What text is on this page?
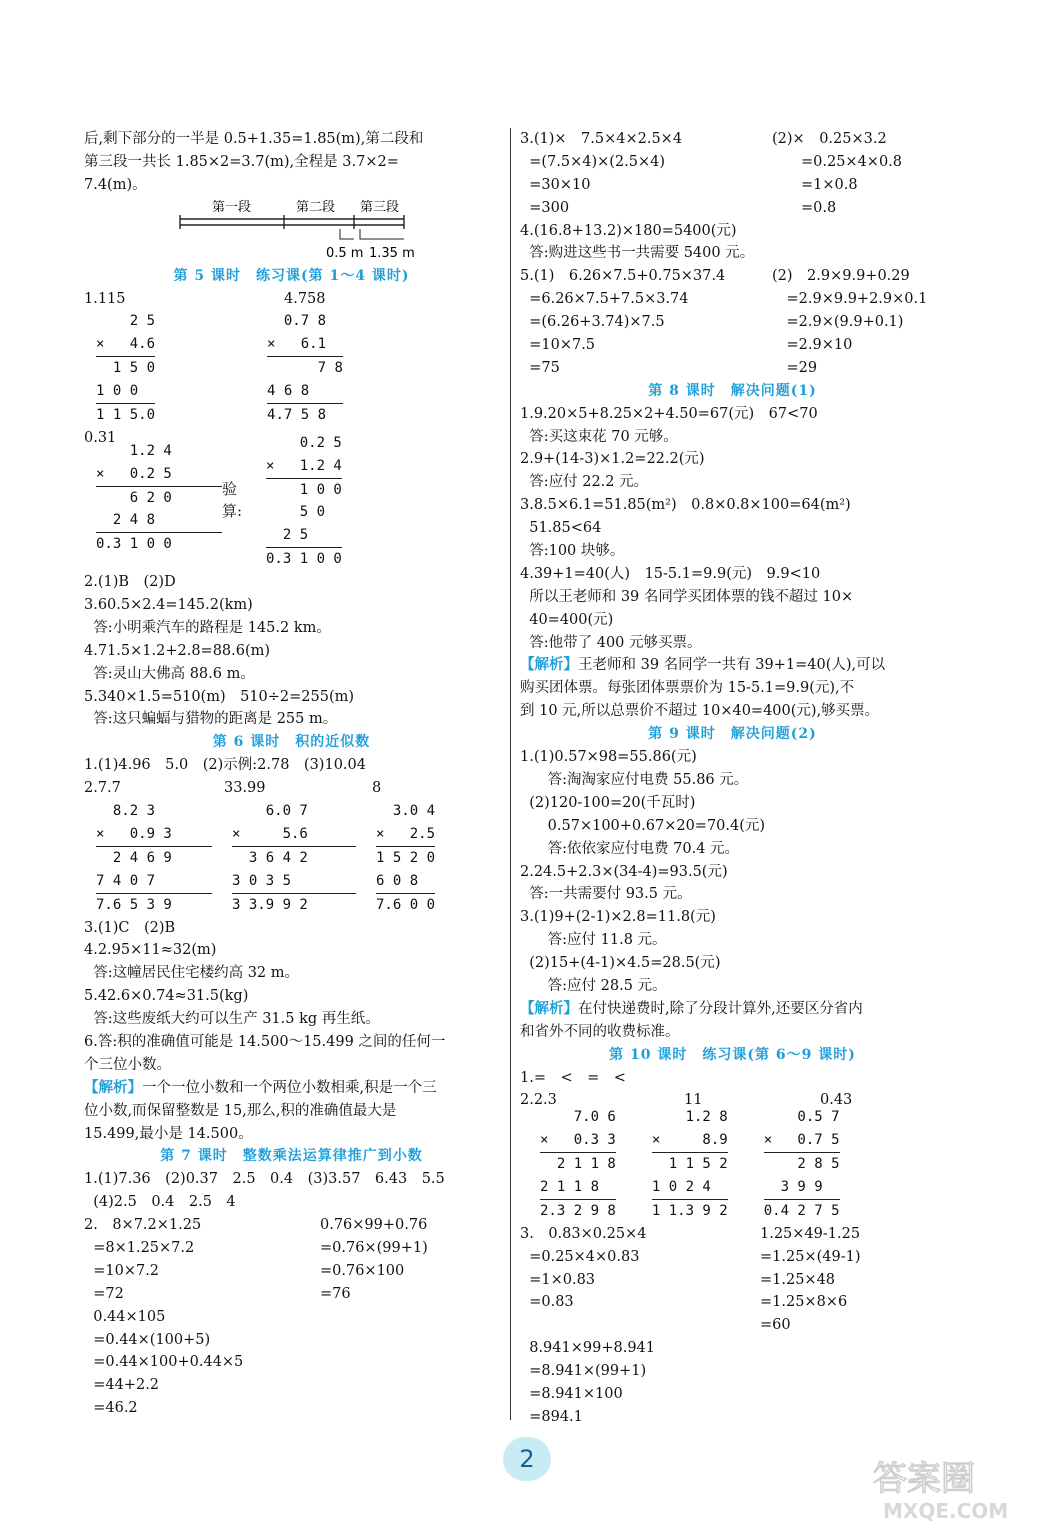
后,剩下部分的一半是 0.5+1.35=1.85(m),第二段和
第三段一共长 1.85×2=3.7(m),全程是 3.7×2=
7.4(m)。
第一段	第二段 第三段
0.5 m 1.35 m
第 5 课时　练习课(第 1～4 课时)
1.115	4.758
2 5
×   4.6
1 5 0
1 0 0
1 1 5.0
0.7 8
×   6.1
7 8
4 6 8
4.7 5 8
0.31
1.2 4
×   0.2 5
6 2 0
2 4 8
0.3 1 0 0
验算:
0.2 5
×   1.2 4
1 0 0
5 0
2 5
0.3 1 0 0
2.(1)B　(2)D
3.60.5×2.4=145.2(km)
答:小明乘汽车的路程是 145.2 km。
4.71.5×1.2+2.8=88.6(m)
答:灵山大佛高 88.6 m。
5.340×1.5=510(m)　510÷2=255(m)
答:这只蝙蝠与猎物的距离是 255 m。
第 6 课时　积的近似数
1.(1)4.96　5.0　(2)示例:2.78　(3)10.04
2.7.7	33.99	8
8.2 3
×   0.9 3
2 4 6 9
7 4 0 7
7.6 5 3 9
6.0 7
×     5.6
3 6 4 2
3 0 3 5
3 3.9 9 2
3.0 4
×   2.5
1 5 2 0
6 0 8
7.6 0 0
3.(1)C　(2)B
4.2.95×11≈32(m)
答:这幢居民住宅楼约高 32 m。
5.42.6×0.74≈31.5(kg)
答:这些废纸大约可以生产 31.5 kg 再生纸。
6.答:积的准确值可能是 14.500～15.499 之间的任何一
个三位小数。
【解析】一个一位小数和一个两位小数相乘,积是一个三
位小数,而保留整数是 15,那么,积的准确值最大是
15.499,最小是 14.500。
第 7 课时　整数乘法运算律推广到小数
1.(1)7.36　(2)0.37　2.5　0.4　(3)3.57　6.43　5.5
(4)2.5　0.4　2.5　4
2.　8×7.2×1.25
=8×1.25×7.2
=10×7.2
=72
0.76×99+0.76
=0.76×(99+1)
=0.76×100
=76
0.44×105
=0.44×(100+5)
=0.44×100+0.44×5
=44+2.2
=46.2
3.(1)×　7.5×4×2.5×4
=(7.5×4)×(2.5×4)
=30×10
=300
(2)×　0.25×3.2
　　=0.25×4×0.8
　　=1×0.8
　　=0.8
4.(16.8+13.2)×180=5400(元)
答:购进这些书一共需要 5400 元。
5.(1)　6.26×7.5+0.75×37.4
=6.26×7.5+7.5×3.74
=(6.26+3.74)×7.5
=10×7.5
=75
(2)　2.9×9.9+0.29
　=2.9×9.9+2.9×0.1
　=2.9×(9.9+0.1)
　=2.9×10
　=29
第 8 课时　解决问题(1)
1.9.20×5+8.25×2+4.50=67(元)　67<70
答:买这束花 70 元够。
2.9+(14-3)×1.2=22.2(元)
答:应付 22.2 元。
3.8.5×6.1=51.85(m²)　0.8×0.8×100=64(m²)
51.85<64
答:100 块够。
4.39+1=40(人)　15-5.1=9.9(元)　9.9<10
所以王老师和 39 名同学买团体票的钱不超过 10×
40=400(元)
答:他带了 400 元够买票。
【解析】王老师和 39 名同学一共有 39+1=40(人),可以
购买团体票。每张团体票票价为 15-5.1=9.9(元),不
到 10 元,所以总票价不超过 10×40=400(元),够买票。
第 9 课时　解决问题(2)
1.(1)0.57×98=55.86(元)
答:淘淘家应付电费 55.86 元。
(2)120-100=20(千瓦时)
0.57×100+0.67×20=70.4(元)
答:依依家应付电费 70.4 元。
2.24.5+2.3×(34-4)=93.5(元)
答:一共需要付 93.5 元。
3.(1)9+(2-1)×2.8=11.8(元)
答:应付 11.8 元。
(2)15+(4-1)×4.5=28.5(元)
答:应付 28.5 元。
【解析】在付快递费时,除了分段计算外,还要区分省内
和省外不同的收费标准。
第 10 课时　练习课(第 6～9 课时)
1.=　<　=　<
2.2.3	11	0.43
7.0 6
×   0.3 3
2 1 1 8
2 1 1 8
2.3 2 9 8
1.2 8
×     8.9
1 1 5 2
1 0 2 4
1 1.3 9 2
0.5 7
×   0.7 5
2 8 5
3 9 9
0.4 2 7 5
3.　0.83×0.25×4
=0.25×4×0.83
=1×0.83
=0.83
1.25×49-1.25
=1.25×(49-1)
=1.25×48
=1.25×8×6
=60
8.941×99+8.941
=8.941×(99+1)
=8.941×100
=894.1
2	答案圈
MXQE.COM
